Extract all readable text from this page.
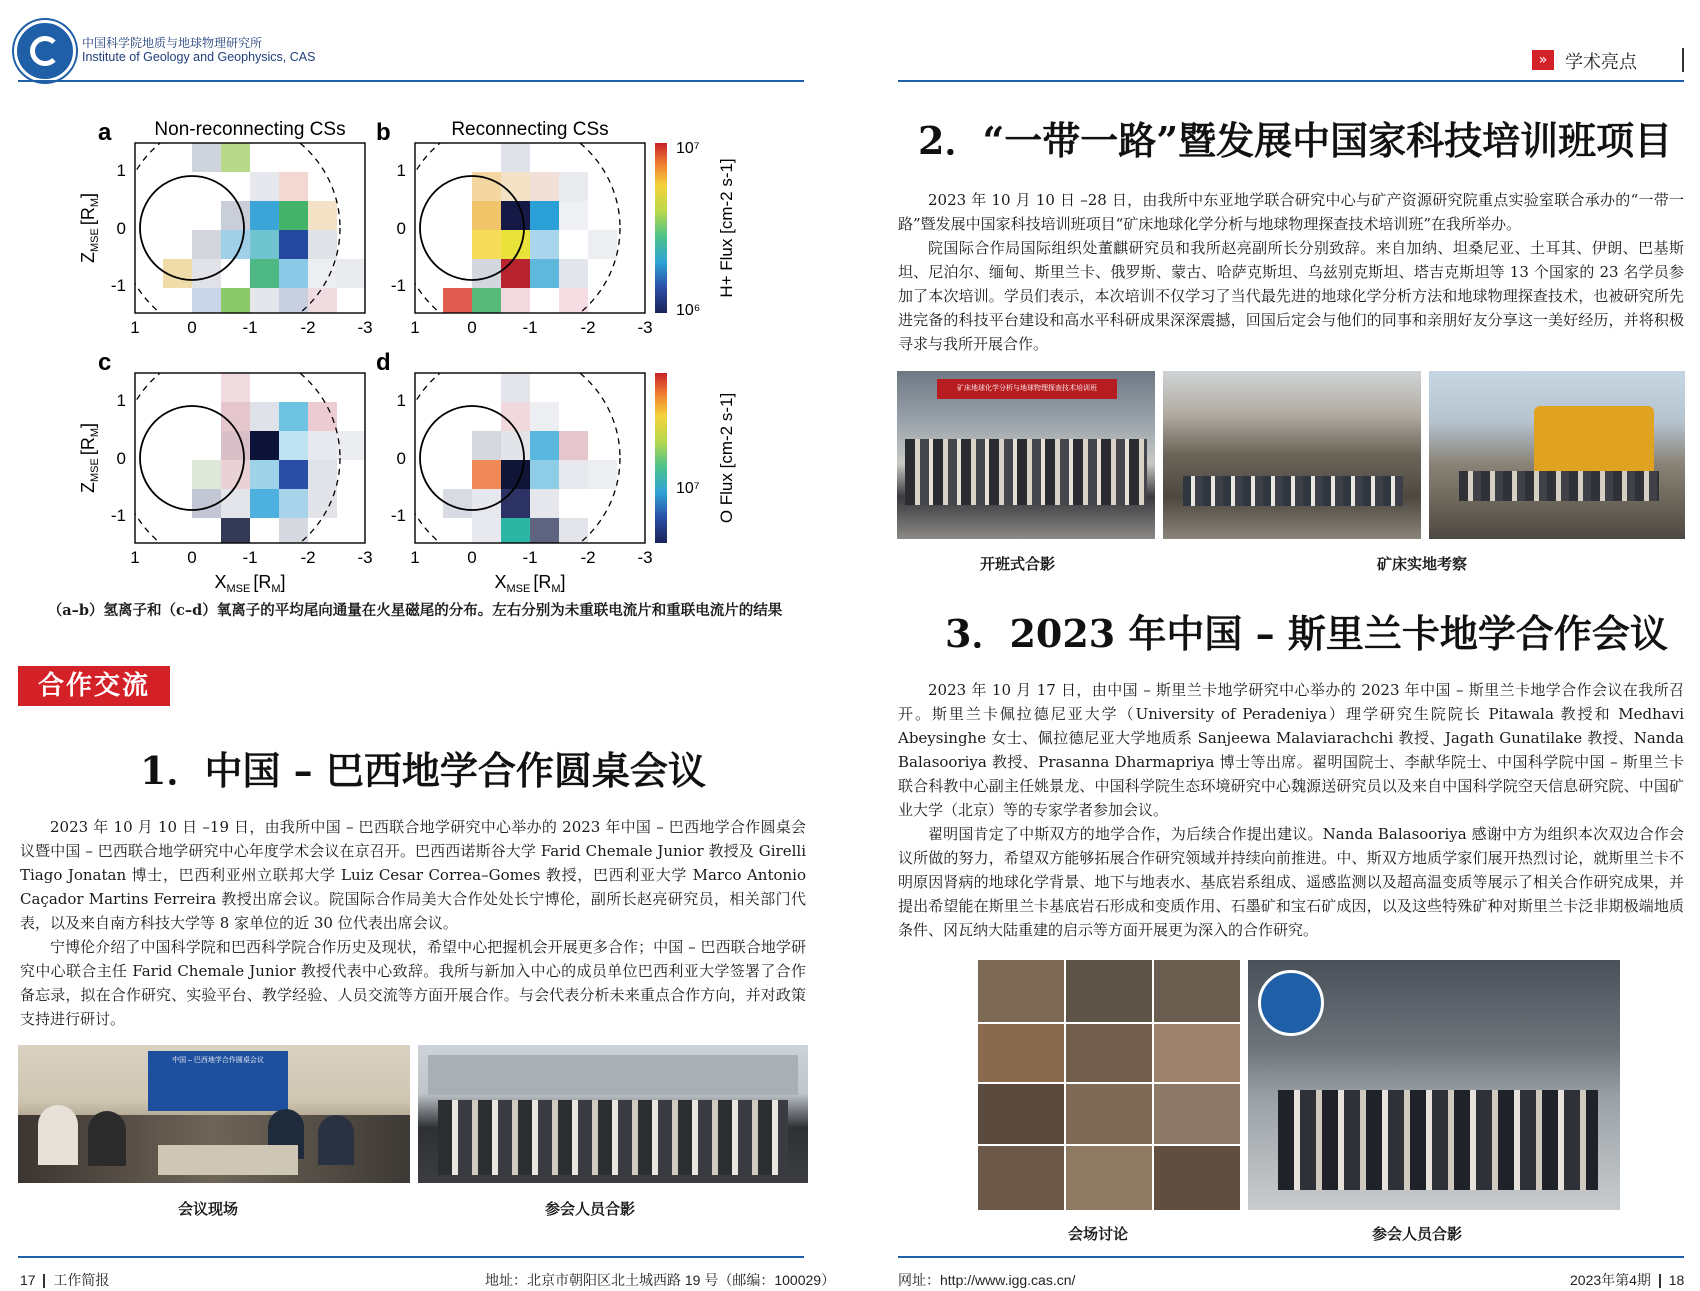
中国科学院地质与地球物理研究所
Institute of Geology and Geophysics, CAS	» 学术亮点
a	b
c	d
Non-reconnecting CSs	Reconnecting CSs
1
0
-1
1
0
-1
1
0
-1
1
0
-1
1	0	-1	-2 -3 1	0	-1	-2 -3
1	0	-1	-2 -3 1	0	-1	-2 -3
$Z_{MSE}[R_M]$
$Z_{MSE}[R_M]$
$X_{MSE}$ $[R_M]$	$X_{MSE}$ $[R_M]$
10⁷
10⁶
10⁷
H+ Flux [cm-2 s-1]
O Flux [cm-2 s-1]
（a–b）氢离子和（c–d）氧离子的平均尾向通量在火星磁尾的分布。左右分别为未重联电流片和重联电流片的结果
合作交流
1．中国 – 巴西地学合作圆桌会议

2023 年 10 月 10 日 –19 日，由我所中国 – 巴西联合地学研究中心举办的 2023 年中国 – 巴西地学合作圆桌会议暨中国 – 巴西联合地学研究中心年度学术会议在京召开。巴西西诺斯谷大学 Farid Chemale Junior 教授及 Girelli Tiago Jonatan 博士，巴西利亚州立联邦大学 Luiz Cesar Correa–Gomes 教授，巴西利亚大学 Marco Antonio Caçador Martins Ferreira 教授出席会议。院国际合作局美大合作处处长宁博伦，副所长赵亮研究员，相关部门代表，以及来自南方科技大学等 8 家单位的近 30 位代表出席会议。

宁博伦介绍了中国科学院和巴西科学院合作历史及现状，希望中心把握机会开展更多合作；中国 – 巴西联合地学研究中心联合主任 Farid Chemale Junior 教授代表中心致辞。我所与新加入中心的成员单位巴西利亚大学签署了合作备忘录，拟在合作研究、实验平台、教学经验、人员交流等方面开展合作。与会代表分析未来重点合作方向，并对政策支持进行研讨。

中国 – 巴西地学合作圆桌会议
会议现场	参会人员合影
2．“一带一路”暨发展中国家科技培训班项目

2023 年 10 月 10 日 –28 日，由我所中东亚地学联合研究中心与矿产资源研究院重点实验室联合承办的“一带一路”暨发展中国家科技培训班项目“矿床地球化学分析与地球物理探查技术培训班”在我所举办。

院国际合作局国际组织处董麒研究员和我所赵亮副所长分别致辞。来自加纳、坦桑尼亚、土耳其、伊朗、巴基斯坦、尼泊尔、缅甸、斯里兰卡、俄罗斯、蒙古、哈萨克斯坦、乌兹别克斯坦、塔吉克斯坦等 13 个国家的 23 名学员参加了本次培训。学员们表示，本次培训不仅学习了当代最先进的地球化学分析方法和地球物理探查技术，也被研究所先进完备的科技平台建设和高水平科研成果深深震撼，回国后定会与他们的同事和亲朋好友分享这一美好经历，并将积极寻求与我所开展合作。

矿床地球化学分析与地球物理探查技术培训班
开班式合影	矿床实地考察
3．2023 年中国 – 斯里兰卡地学合作会议

2023 年 10 月 17 日，由中国 – 斯里兰卡地学研究中心举办的 2023 年中国 – 斯里兰卡地学合作会议在我所召开。斯里兰卡佩拉德尼亚大学（University of Peradeniya）理学研究生院院长 Pitawala 教授和 Medhavi Abeysinghe 女士、佩拉德尼亚大学地质系 Sanjeewa Malaviarachchi 教授、Jagath Gunatilake 教授、Nanda Balasooriya 教授、Prasanna Dharmapriya 博士等出席。翟明国院士、李献华院士、中国科学院中国 – 斯里兰卡联合科教中心副主任姚景龙、中国科学院生态环境研究中心魏源送研究员以及来自中国科学院空天信息研究院、中国矿业大学（北京）等的专家学者参加会议。

翟明国肯定了中斯双方的地学合作，为后续合作提出建议。Nanda Balasooriya 感谢中方为组织本次双边合作会议所做的努力，希望双方能够拓展合作研究领域并持续向前推进。中、斯双方地质学家们展开热烈讨论，就斯里兰卡不明原因肾病的地球化学背景、地下与地表水、基底岩系组成、遥感监测以及超高温变质等展示了相关合作研究成果，并提出希望能在斯里兰卡基底岩石形成和变质作用、石墨矿和宝石矿成因，以及这些特殊矿种对斯里兰卡泛非期极端地质条件、冈瓦纳大陆重建的启示等方面开展更为深入的合作研究。

会场讨论	参会人员合影
17 工作简报	地址：北京市朝阳区北土城西路 19 号（邮编：100029）	网址：http://www.igg.cas.cn/	2023年第4期 18
